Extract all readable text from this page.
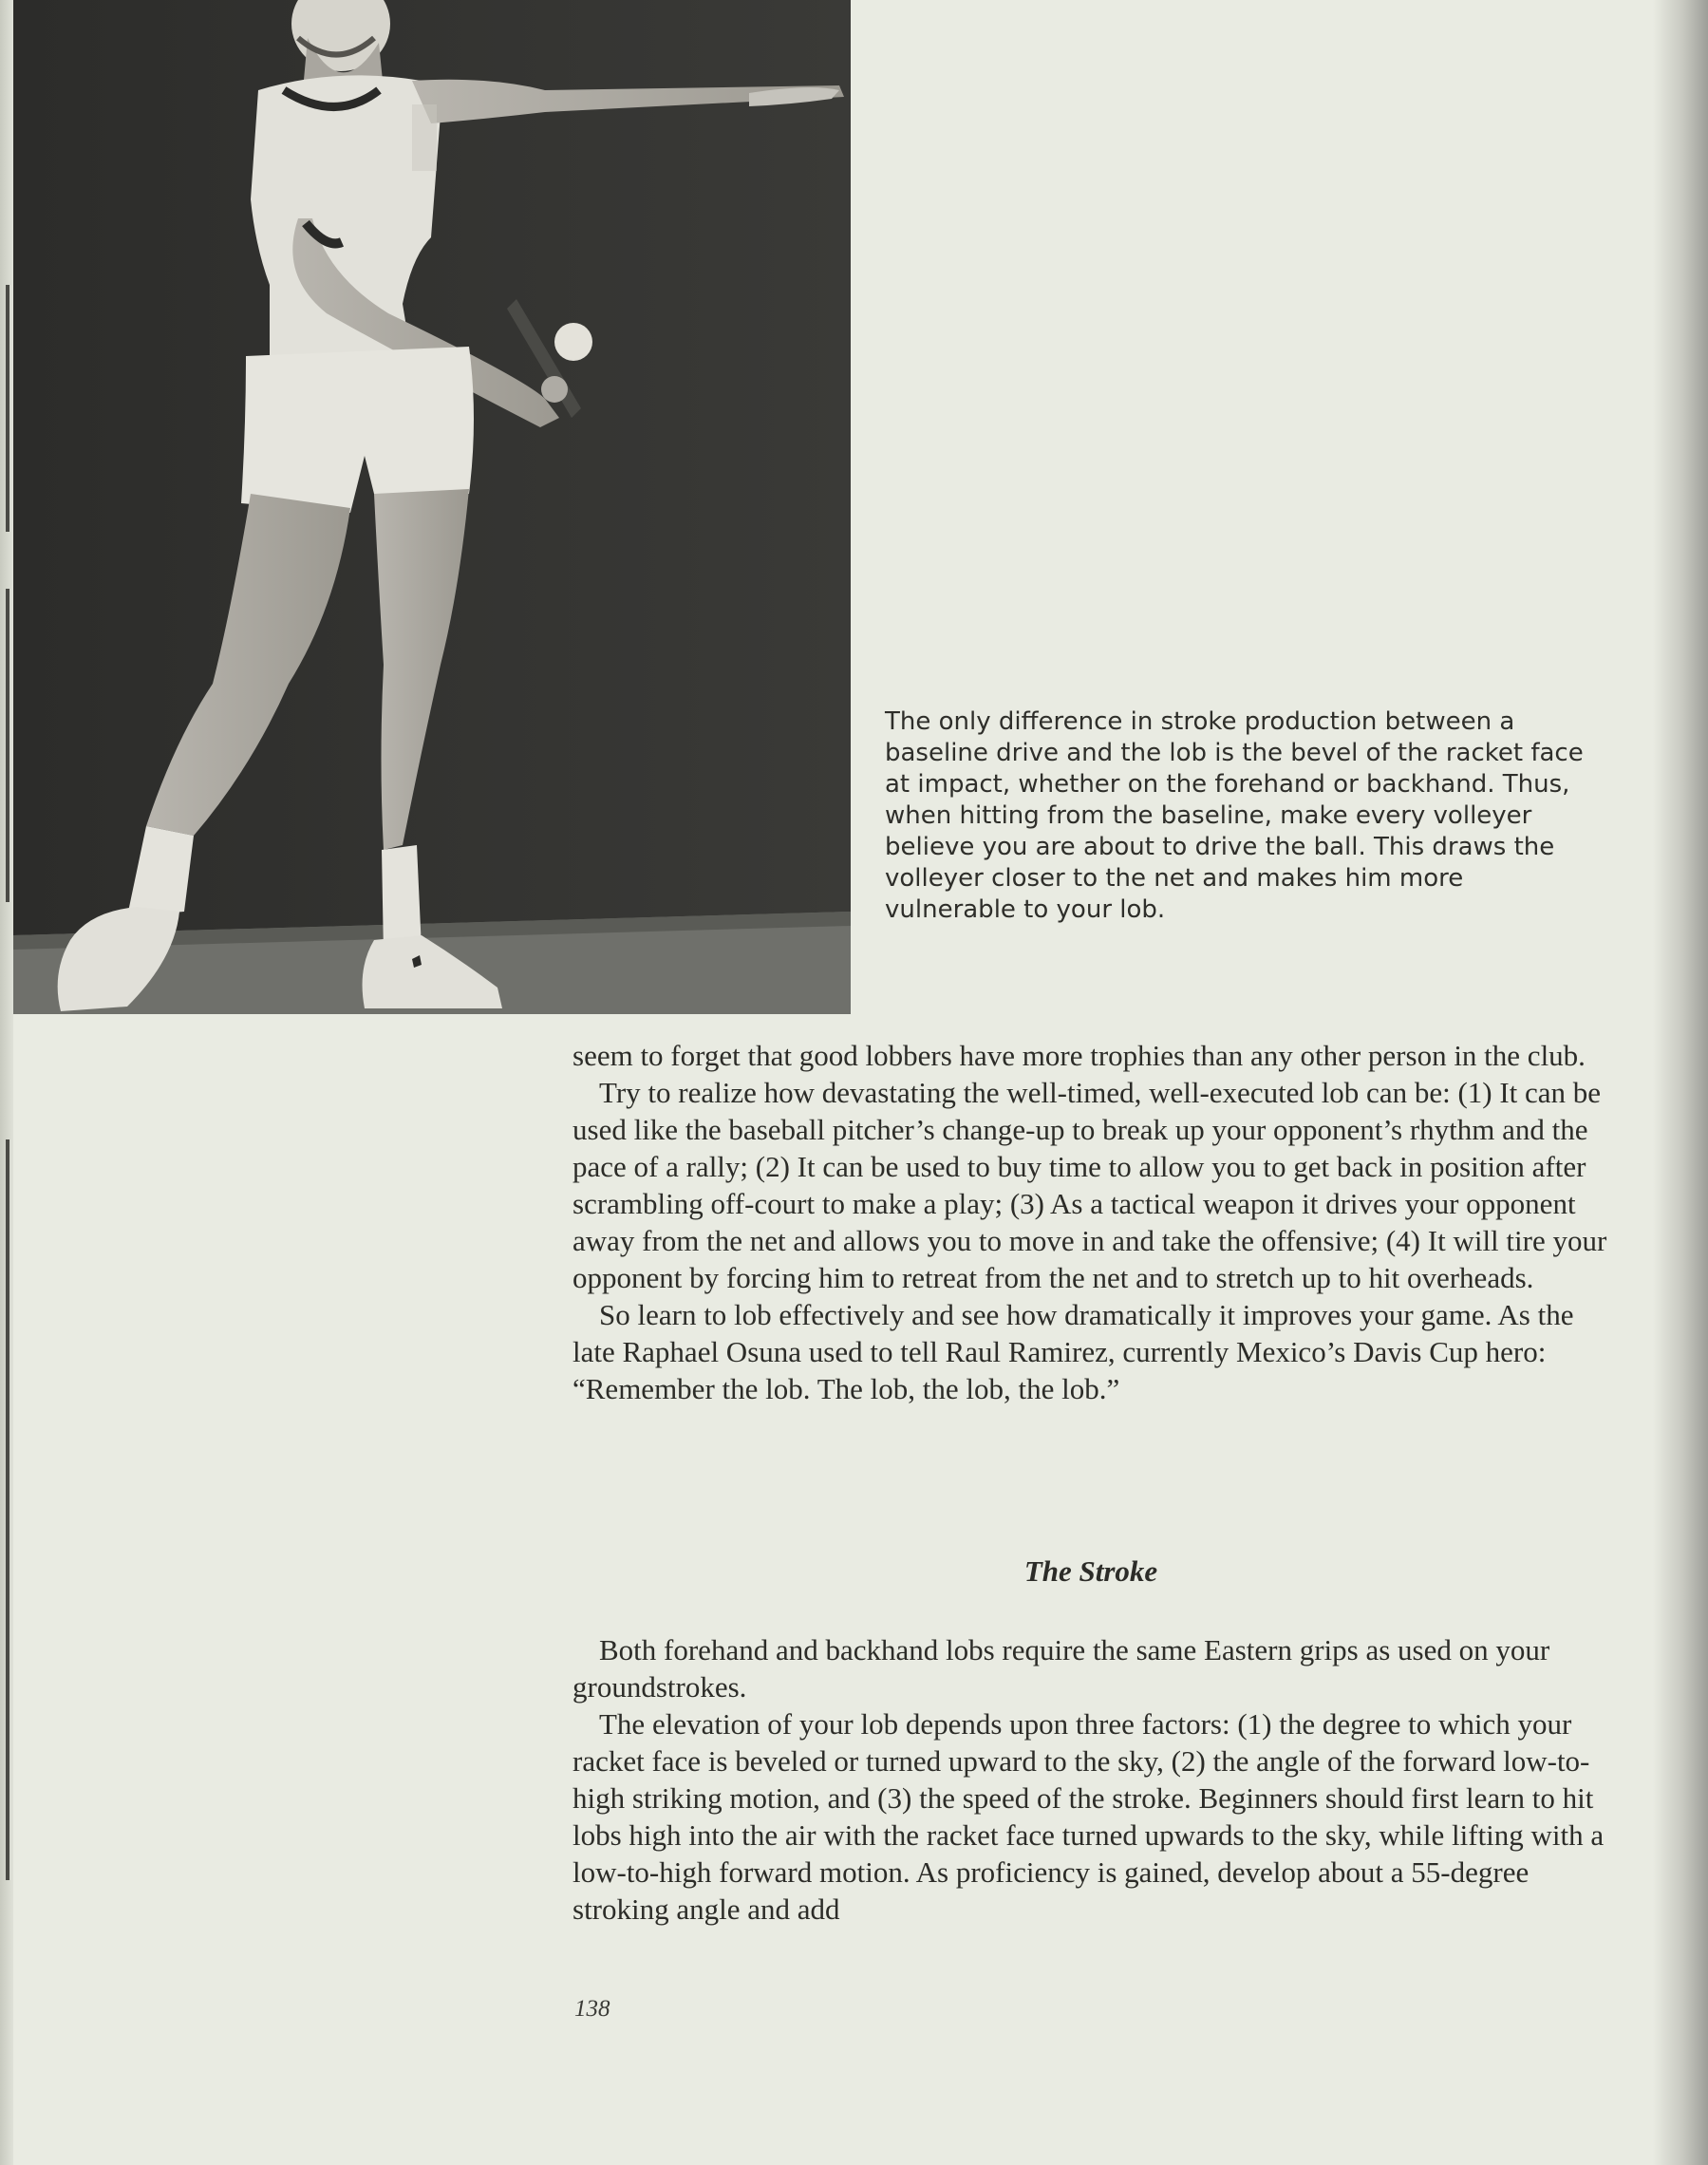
The only difference in stroke production between a baseline drive and the lob is the bevel of the racket face at impact, whether on the forehand or backhand. Thus, when hitting from the baseline, make every volleyer believe you are about to drive the ball. This draws the volleyer closer to the net and makes him more vulnerable to your lob.

seem to forget that good lobbers have more trophies than any other person in the club.

Try to realize how devastating the well-timed, well-executed lob can be: (1) It can be used like the baseball pitcher’s change-up to break up your opponent’s rhythm and the pace of a rally; (2) It can be used to buy time to allow you to get back in position after scrambling off-court to make a play; (3) As a tactical weapon it drives your opponent away from the net and allows you to move in and take the offensive; (4) It will tire your opponent by forcing him to retreat from the net and to stretch up to hit overheads.

So learn to lob effectively and see how dramatically it improves your game. As the late Raphael Osuna used to tell Raul Ramirez, currently Mexico’s Davis Cup hero: “Remember the lob. The lob, the lob, the lob.”

The Stroke

Both forehand and backhand lobs require the same Eastern grips as used on your groundstrokes.

The elevation of your lob depends upon three factors: (1) the degree to which your racket face is beveled or turned upward to the sky, (2) the angle of the forward low-to-high striking motion, and (3) the speed of the stroke. Beginners should first learn to hit lobs high into the air with the racket face turned upwards to the sky, while lifting with a low-to-high forward motion. As proficiency is gained, develop about a 55-degree stroking angle and add

138
